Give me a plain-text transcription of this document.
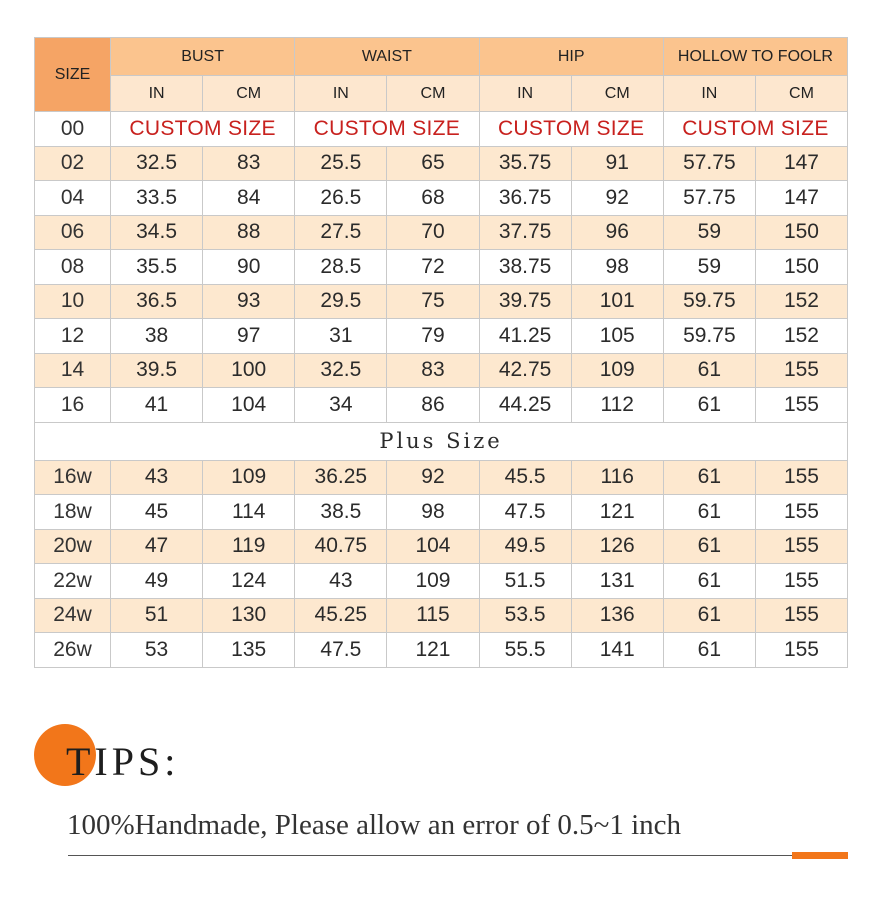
SIZE	BUST		WAIST		HIP		HOLLOW TO FOOLR	
	IN	CM	IN	CM	IN	CM	IN	CM
00	CUSTOM SIZE		CUSTOM SIZE		CUSTOM SIZE		CUSTOM SIZE	
02	32.5	83	25.5	65	35.75	91	57.75	147
04	33.5	84	26.5	68	36.75	92	57.75	147
06	34.5	88	27.5	70	37.75	96	59	150
08	35.5	90	28.5	72	38.75	98	59	150
10	36.5	93	29.5	75	39.75	101	59.75	152
12	38	97	31	79	41.25	105	59.75	152
14	39.5	100	32.5	83	42.75	109	61	155
16	41	104	34	86	44.25	112	61	155
Plus Size								
16w	43	109	36.25	92	45.5	116	61	155
18w	45	114	38.5	98	47.5	121	61	155
20w	47	119	40.75	104	49.5	126	61	155
22w	49	124	43	109	51.5	131	61	155
24w	51	130	45.25	115	53.5	136	61	155
26w	53	135	47.5	121	55.5	141	61	155
TIPS:
100%Handmade, Please allow an error of 0.5~1 inch
